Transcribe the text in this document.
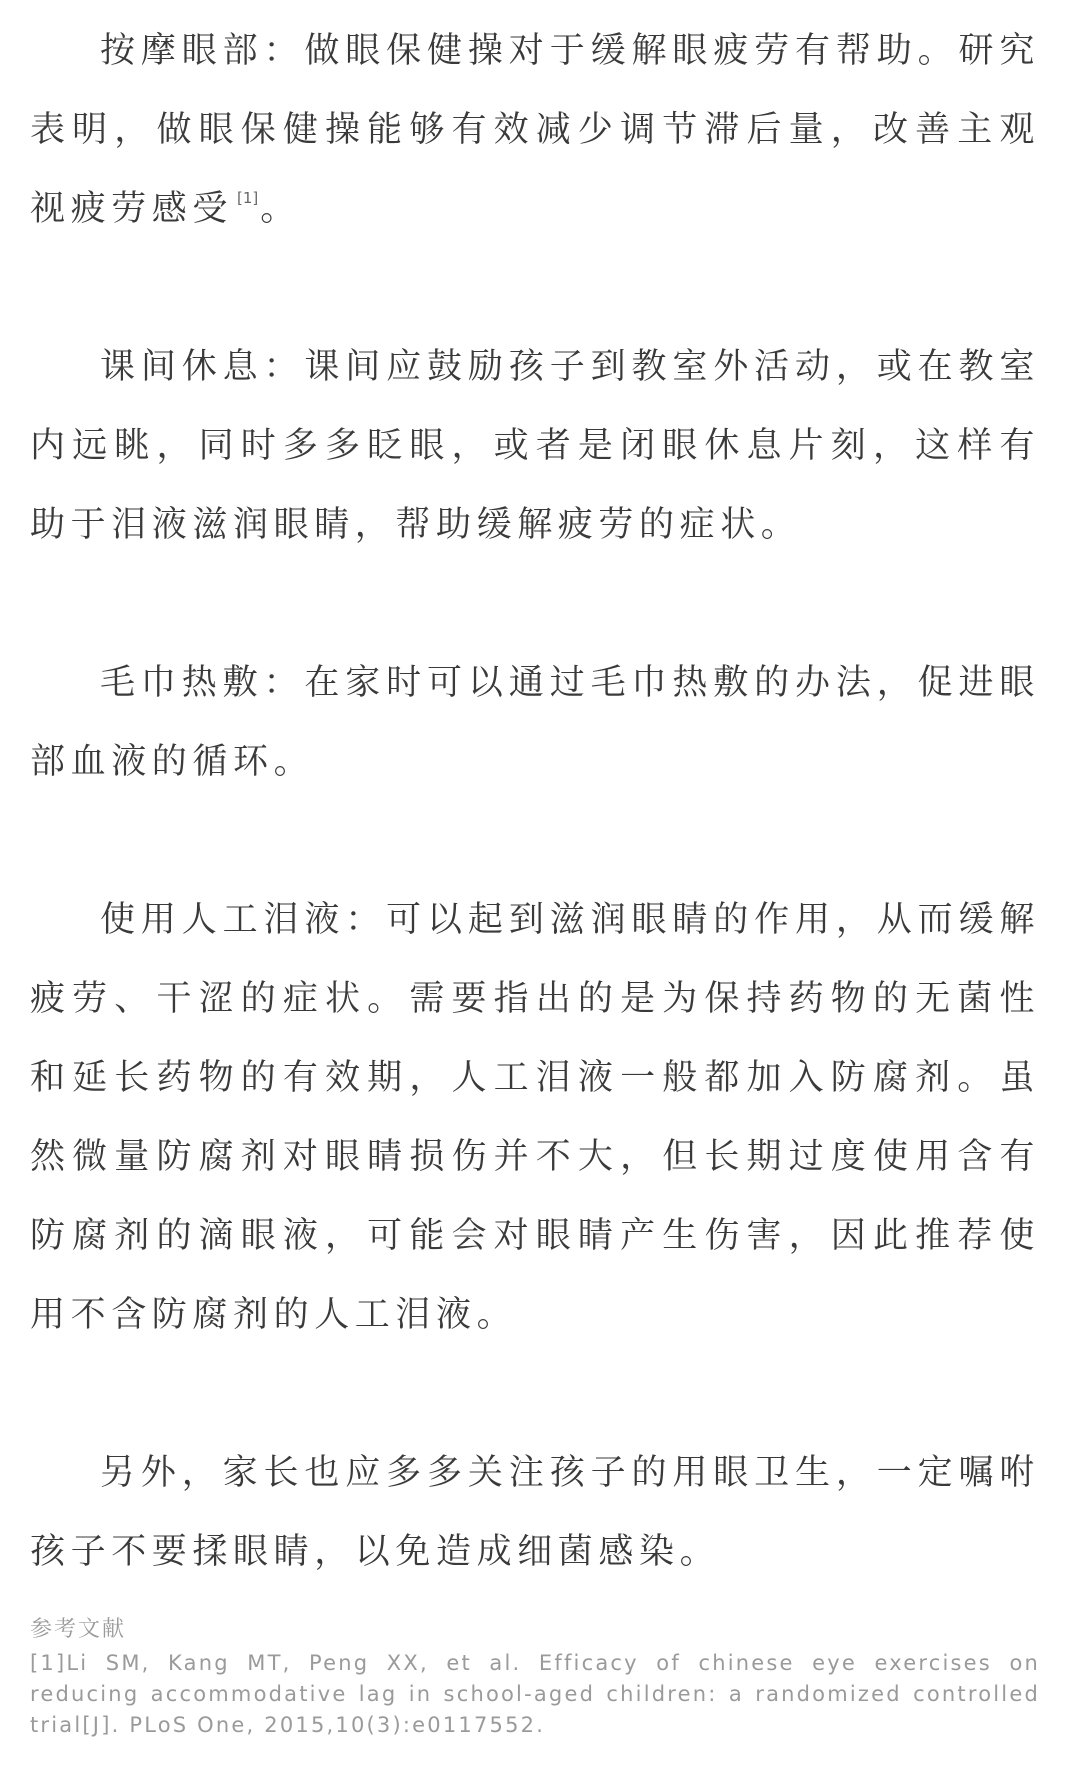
按摩眼部：做眼保健操对于缓解眼疲劳有帮助。研究表明，做眼保健操能够有效减少调节滞后量，改善主观视疲劳感受 [1]。

课间休息：课间应鼓励孩子到教室外活动，或在教室内远眺，同时多多眨眼，或者是闭眼休息片刻，这样有助于泪液滋润眼睛，帮助缓解疲劳的症状。

毛巾热敷：在家时可以通过毛巾热敷的办法，促进眼部血液的循环。

使用人工泪液：可以起到滋润眼睛的作用，从而缓解疲劳、干涩的症状。需要指出的是为保持药物的无菌性和延长药物的有效期，人工泪液一般都加入防腐剂。虽然微量防腐剂对眼睛损伤并不大，但长期过度使用含有防腐剂的滴眼液，可能会对眼睛产生伤害，因此推荐使用不含防腐剂的人工泪液。

另外，家长也应多多关注孩子的用眼卫生，一定嘱咐孩子不要揉眼睛，以免造成细菌感染。

参考文献

[1]Li SM, Kang MT, Peng XX, et al. Efficacy of chinese eye exercises on reducing accommodative lag in school-aged children: a randomized controlled trial[J]. PLoS One, 2015,10(3):e0117552.
